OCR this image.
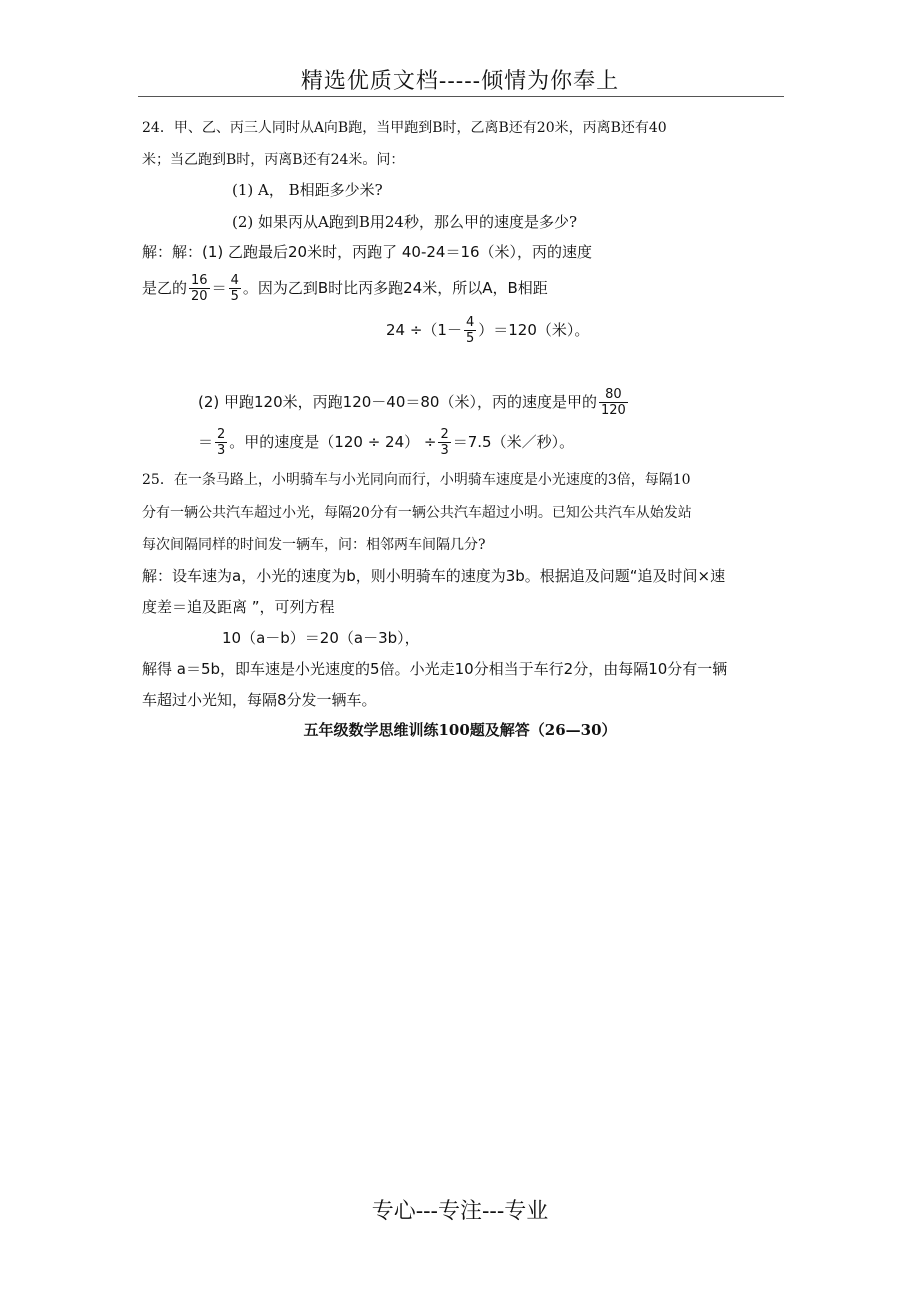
精选优质文档-----倾情为你奉上
24．甲、乙、丙三人同时从A向B跑，当甲跑到B时，乙离B还有20米，丙离B还有40
米；当乙跑到B时，丙离B还有24米。问：
(1) A， B相距多少米?
(2) 如果丙从A跑到B用24秒，那么甲的速度是多少?
解：解：(1) 乙跑最后20米时，丙跑了 40-24＝16（米），丙的速度
是乙的 $\frac{16}{20} = \frac{4}{5}$ 。因为乙到B时比丙多跑24米，所以A，B相距
$24 \div(1- \frac{4}{5} )=120$（米）。
(2) 甲跑120米，丙跑120－40＝80（米），丙的速度是甲的 $\frac{80}{120}$
＝ $\frac{2}{3}$ 。甲的速度是$(120 \div 24) \div \frac{2}{3} =7.5$（米／秒）。
25．在一条马路上，小明骑车与小光同向而行，小明骑车速度是小光速度的3倍，每隔10
分有一辆公共汽车超过小光，每隔20分有一辆公共汽车超过小明。已知公共汽车从始发站
每次间隔同样的时间发一辆车，问：相邻两车间隔几分?
解：设车速为a，小光的速度为b，则小明骑车的速度为3b。根据追及问题“追及时间×速
度差＝追及距离 ”，可列方程
10（a－b）＝20（a－3b），
解得 a＝5b，即车速是小光速度的5倍。小光走10分相当于车行2分，由每隔10分有一辆
车超过小光知，每隔8分发一辆车。
五年级数学思维训练100题及解答（26—30）
专心---专注---专业
